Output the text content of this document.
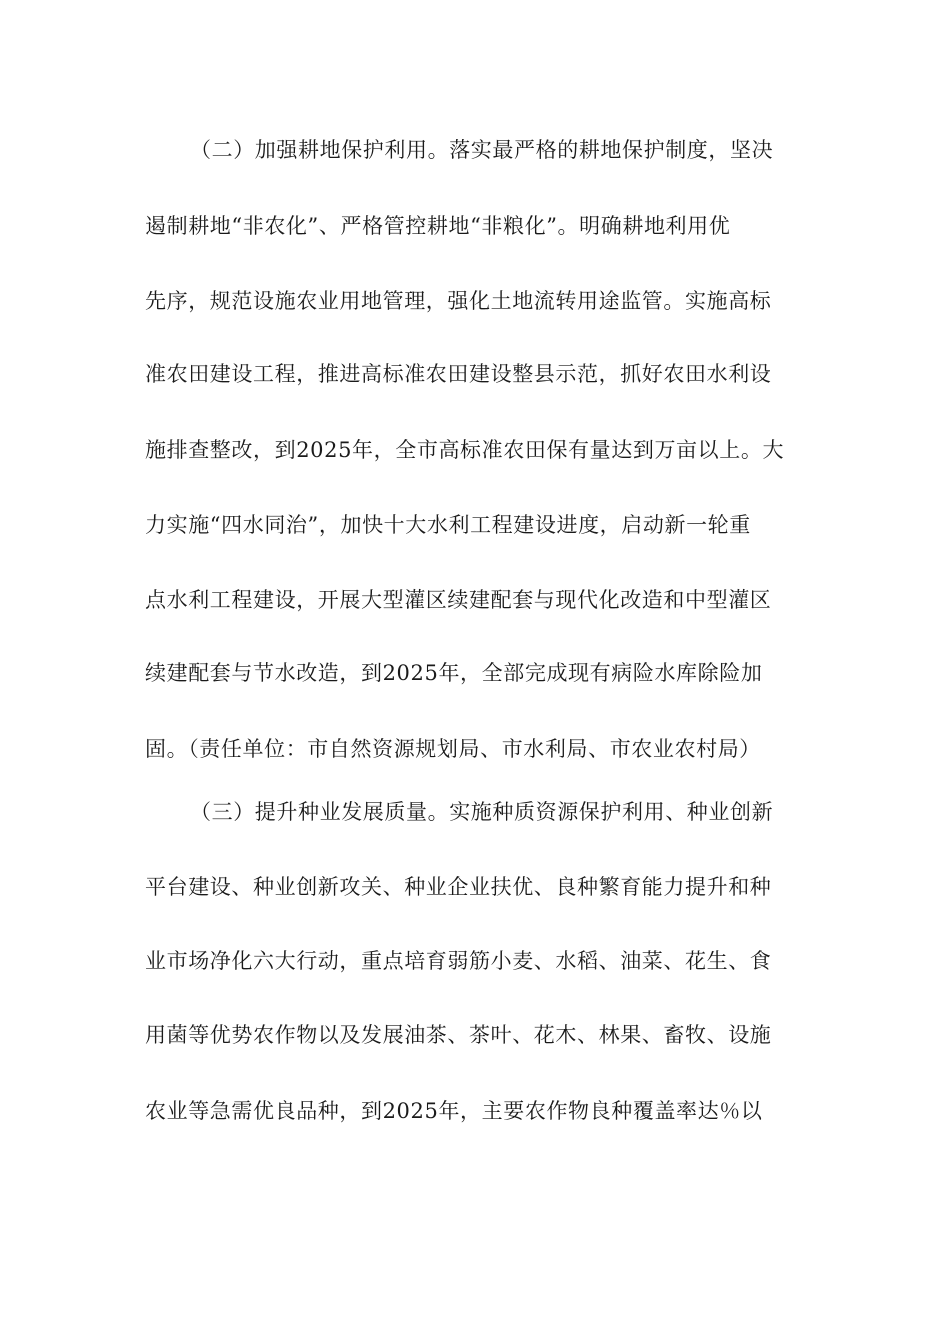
（二）加强耕地保护利用。落实最严格的耕地保护制度，坚决
遏制耕地“非农化”、严格管控耕地“非粮化”。明确耕地利用优
先序，规范设施农业用地管理，强化土地流转用途监管。实施高标
准农田建设工程，推进高标准农田建设整县示范，抓好农田水利设
施排查整改，到2025年，全市高标准农田保有量达到万亩以上。大
力实施“四水同治”，加快十大水利工程建设进度，启动新一轮重
点水利工程建设，开展大型灌区续建配套与现代化改造和中型灌区
续建配套与节水改造，到2025年，全部完成现有病险水库除险加
固。（责任单位：市自然资源规划局、市水利局、市农业农村局）
（三）提升种业发展质量。实施种质资源保护利用、种业创新
平台建设、种业创新攻关、种业企业扶优、良种繁育能力提升和种
业市场净化六大行动，重点培育弱筋小麦、水稻、油菜、花生、食
用菌等优势农作物以及发展油茶、茶叶、花木、林果、畜牧、设施
农业等急需优良品种，到2025年，主要农作物良种覆盖率达％以
